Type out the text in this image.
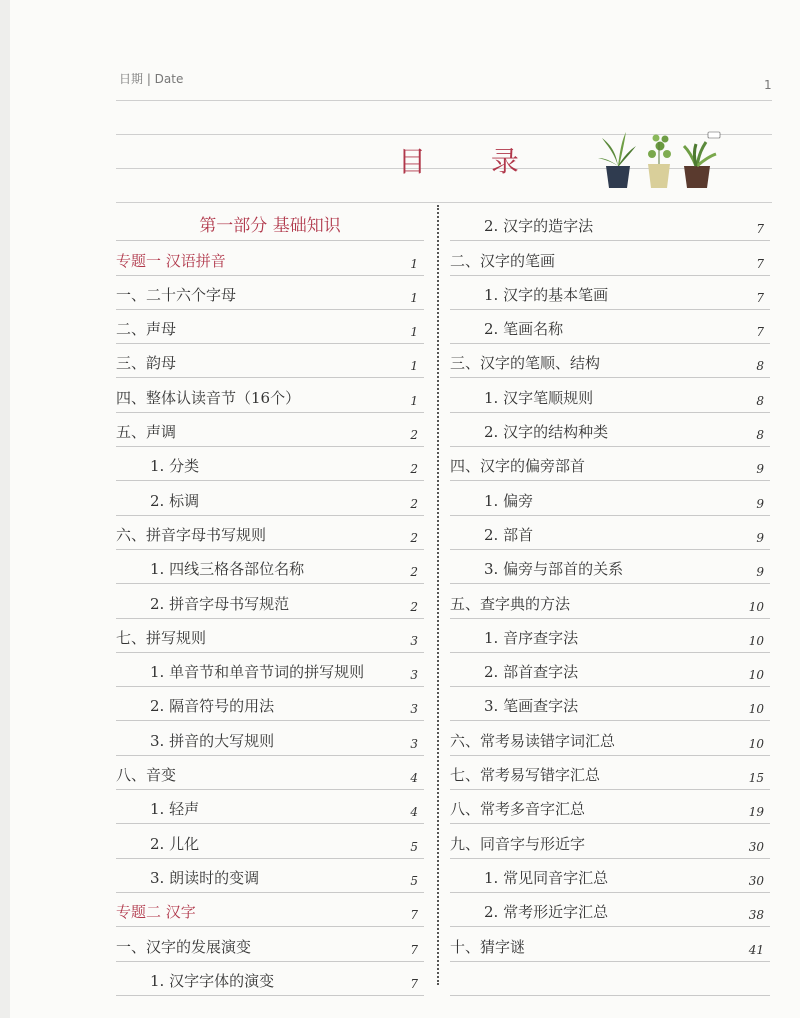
日期 | Date	1
目 录
第一部分 基础知识
专题一 汉语拼音	1
一、二十六个字母	1
二、声母	1
三、韵母	1
四、整体认读音节（16个）	1
五、声调	2
1. 分类	2
2. 标调	2
六、拼音字母书写规则	2
1. 四线三格各部位名称	2
2. 拼音字母书写规范	2
七、拼写规则	3
1. 单音节和单音节词的拼写规则	3
2. 隔音符号的用法	3
3. 拼音的大写规则	3
八、音变	4
1. 轻声	4
2. 儿化	5
3. 朗读时的变调	5
专题二 汉字	7
一、汉字的发展演变	7
1. 汉字字体的演变	7
2. 汉字的造字法	7
二、汉字的笔画	7
1. 汉字的基本笔画	7
2. 笔画名称	7
三、汉字的笔顺、结构	8
1. 汉字笔顺规则	8
2. 汉字的结构种类	8
四、汉字的偏旁部首	9
1. 偏旁	9
2. 部首	9
3. 偏旁与部首的关系	9
五、查字典的方法	10
1. 音序查字法	10
2. 部首查字法	10
3. 笔画查字法	10
六、常考易读错字词汇总	10
七、常考易写错字汇总	15
八、常考多音字汇总	19
九、同音字与形近字	30
1. 常见同音字汇总	30
2. 常考形近字汇总	38
十、猜字谜	41
